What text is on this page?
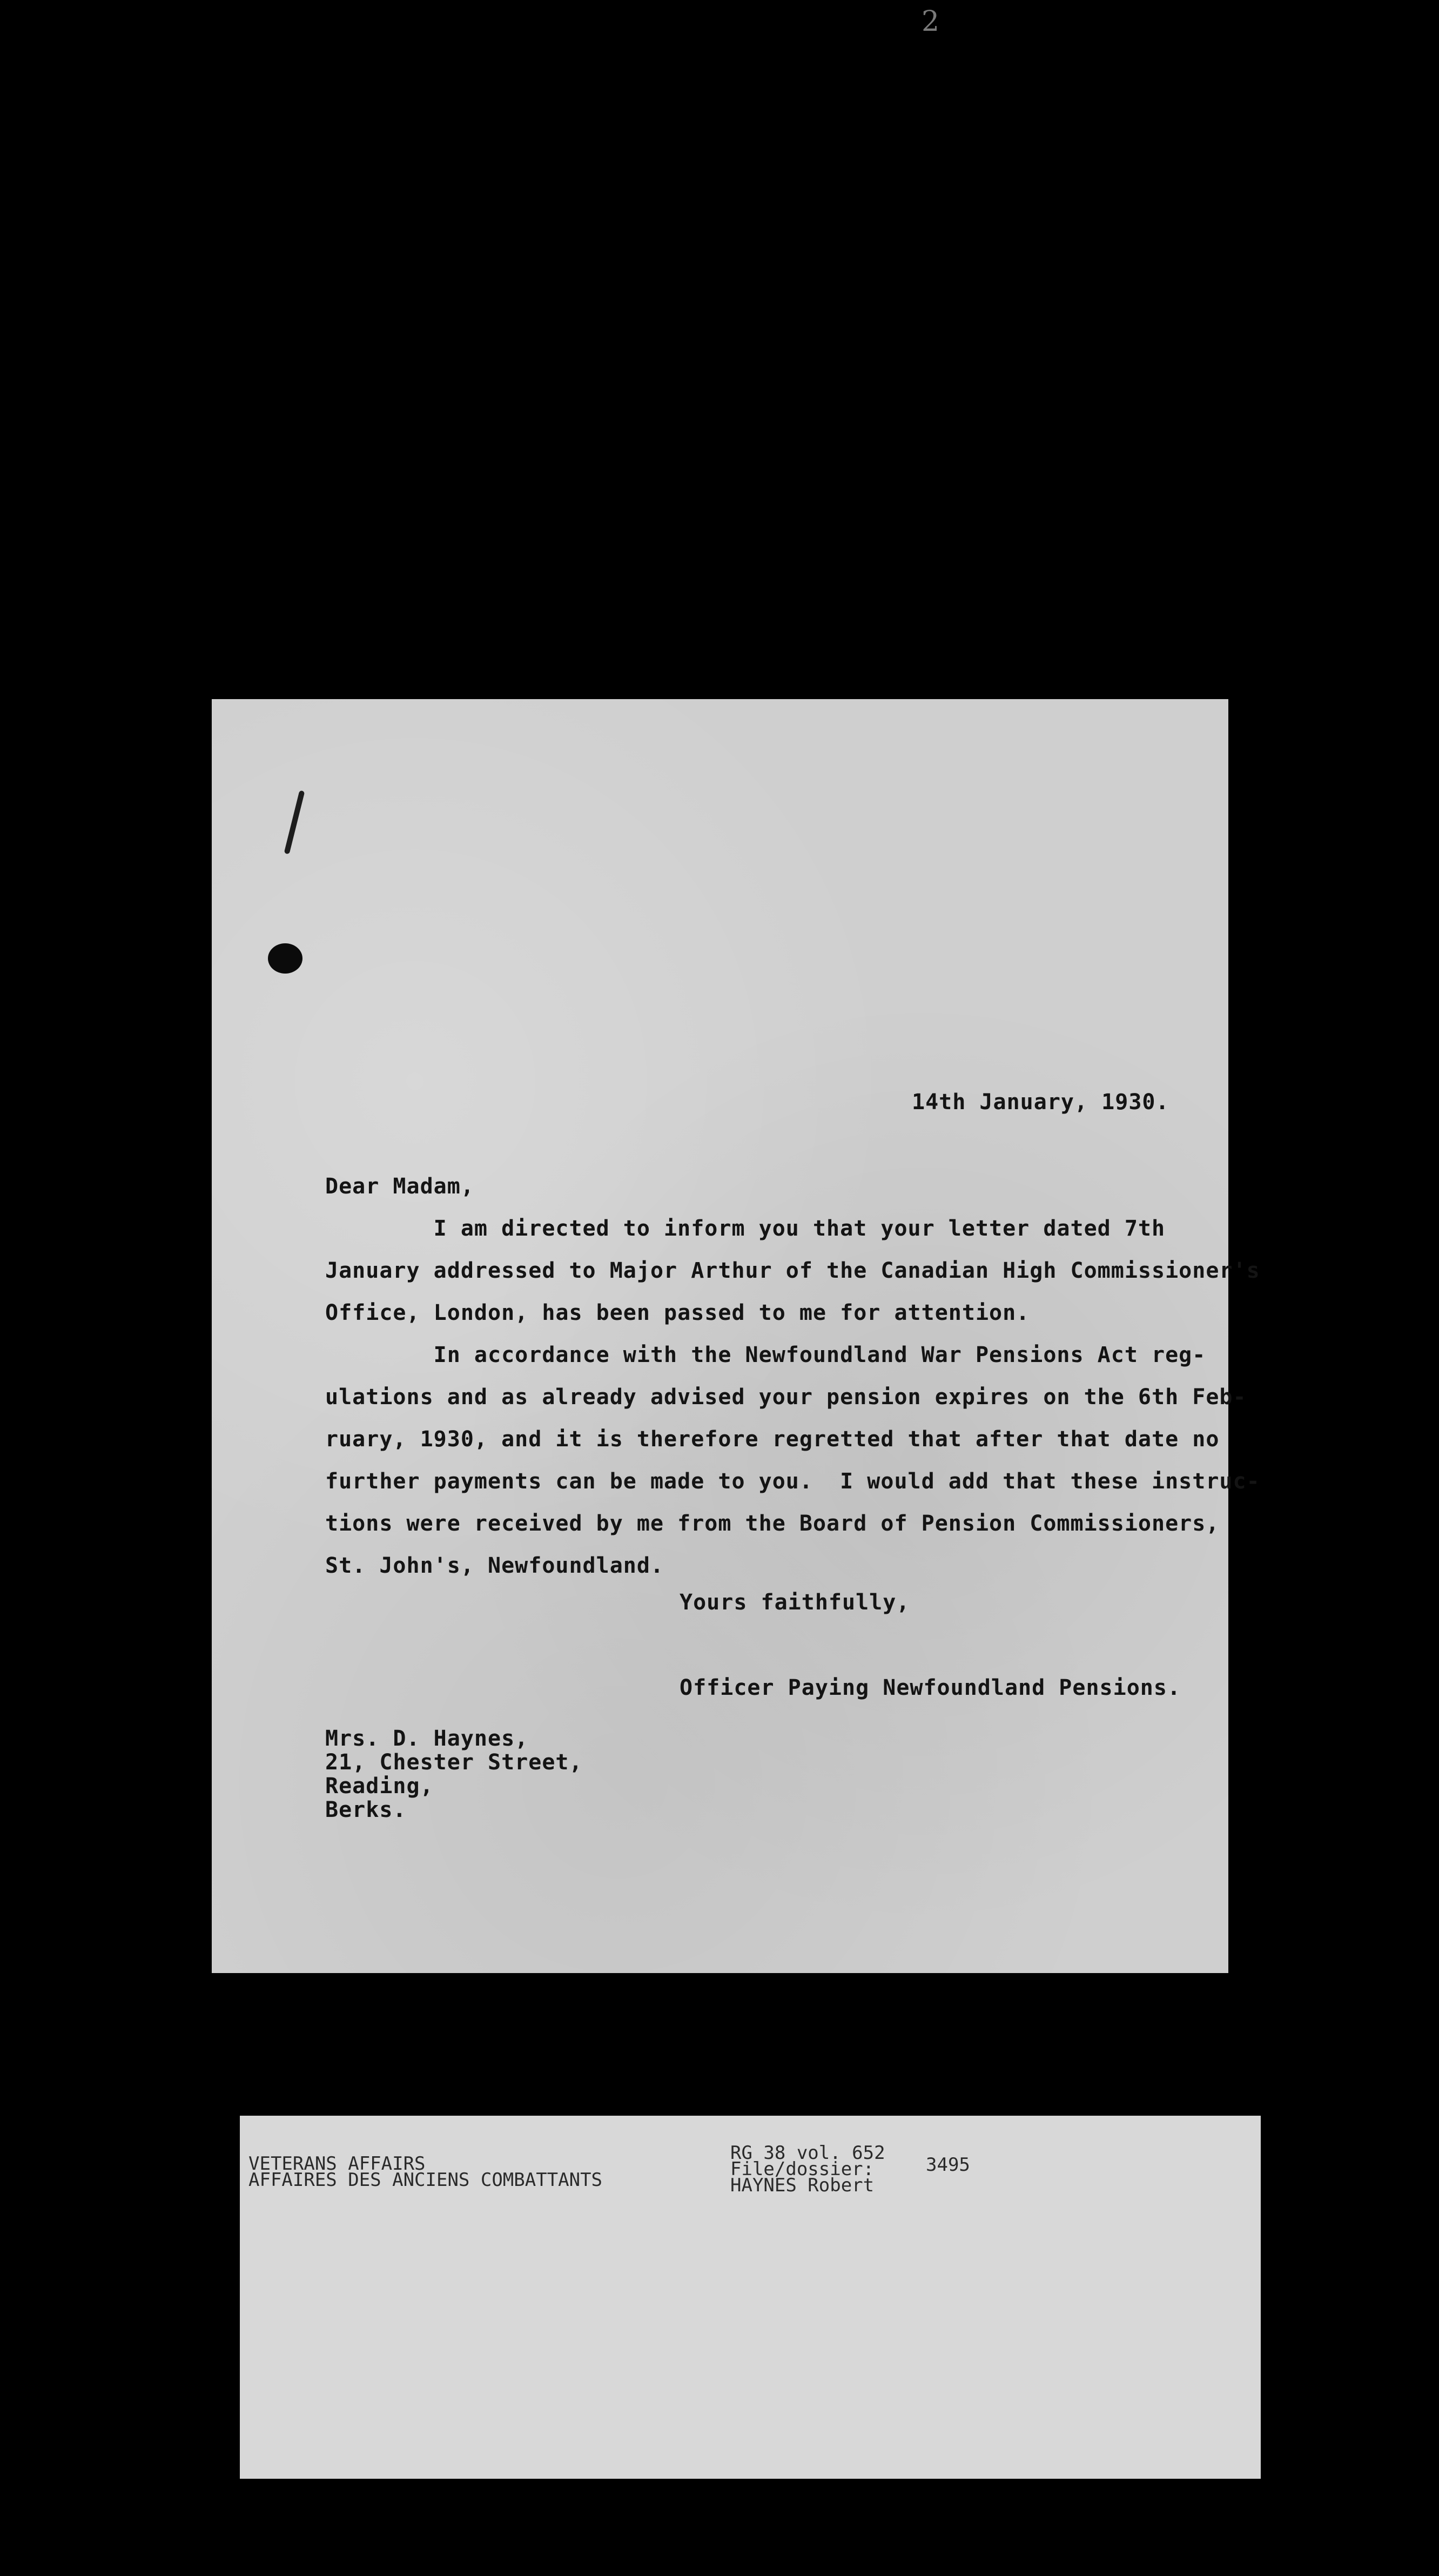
2
14th January, 1930.
Dear Madam,
I am directed to inform you that your letter dated 7th
January addressed to Major Arthur of the Canadian High Commissioner's
Office, London, has been passed to me for attention.
In accordance with the Newfoundland War Pensions Act reg-
ulations and as already advised your pension expires on the 6th Feb-
ruary, 1930, and it is therefore regretted that after that date no
further payments can be made to you.  I would add that these instruc-
tions were received by me from the Board of Pension Commissioners,
St. John's, Newfoundland.
Yours faithfully,
Officer Paying Newfoundland Pensions.
Mrs. D. Haynes,
21, Chester Street,
Reading,
Berks.
VETERANS AFFAIRS
AFFAIRES DES ANCIENS COMBATTANTS
RG 38 vol. 652
File/dossier:	3495
HAYNES Robert
